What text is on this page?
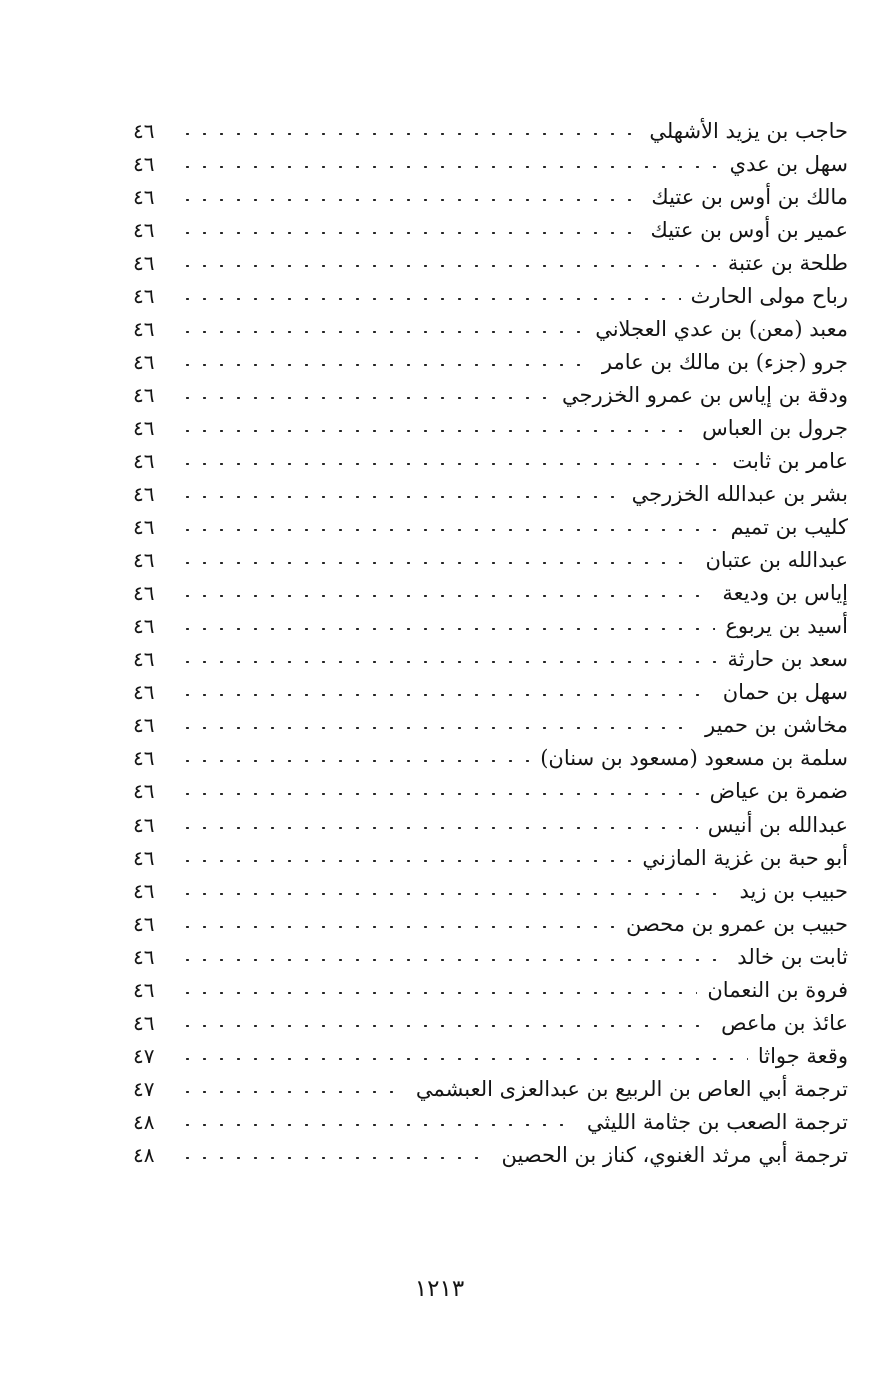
حاجب بن يزيد الأشهلي
٤٦
سهل بن عدي
٤٦
مالك بن أوس بن عتيك
٤٦
عمير بن أوس بن عتيك
٤٦
طلحة بن عتبة
٤٦
رباح مولى الحارث
٤٦
معبد (معن) بن عدي العجلاني
٤٦
جرو (جزء) بن مالك بن عامر
٤٦
ودقة بن إياس بن عمرو الخزرجي
٤٦
جرول بن العباس
٤٦
عامر بن ثابت
٤٦
بشر بن عبدالله الخزرجي
٤٦
كليب بن تميم
٤٦
عبدالله بن عتبان
٤٦
إياس بن وديعة
٤٦
أسيد بن يربوع
٤٦
سعد بن حارثة
٤٦
سهل بن حمان
٤٦
مخاشن بن حمير
٤٦
سلمة بن مسعود (مسعود بن سنان)
٤٦
ضمرة بن عياض
٤٦
عبدالله بن أنيس
٤٦
أبو حبة بن غزية المازني
٤٦
حبيب بن زيد
٤٦
حبيب بن عمرو بن محصن
٤٦
ثابت بن خالد
٤٦
فروة بن النعمان
٤٦
عائذ بن ماعص
٤٦
وقعة جواثا
٤٧
ترجمة أبي العاص بن الربيع بن عبدالعزى العبشمي
٤٧
ترجمة الصعب بن جثامة الليثي
٤٨
ترجمة أبي مرثد الغنوي، كناز بن الحصين
٤٨
١٢١٣
